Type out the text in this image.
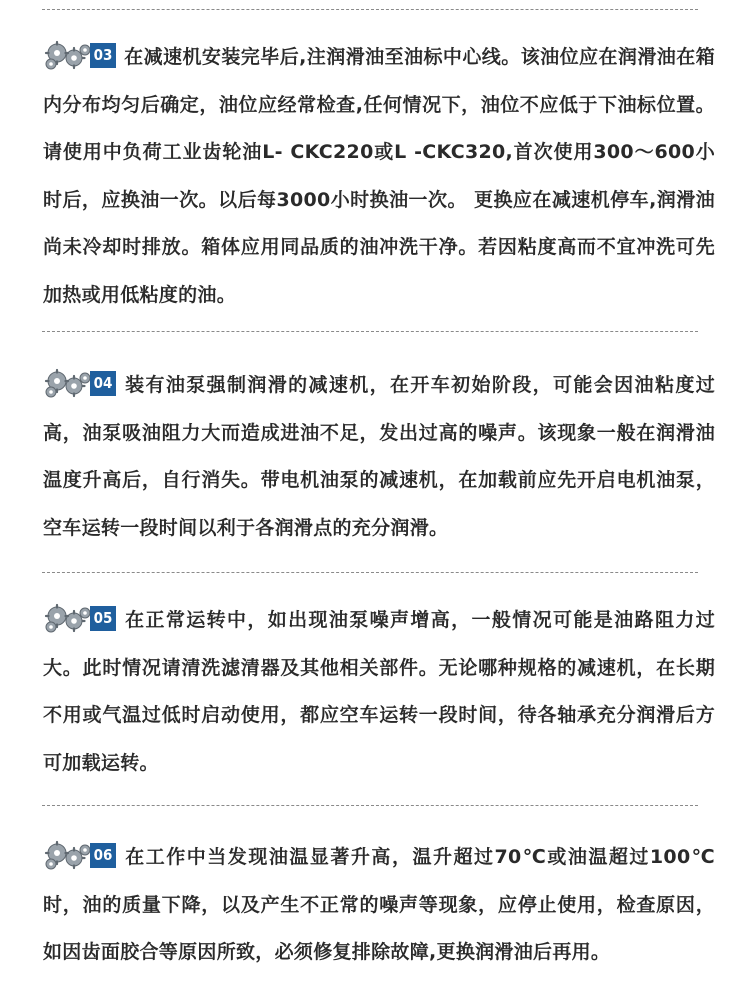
03 在减速机安装完毕后,注润滑油至油标中心线。该油位应在润滑油在箱内分布均匀后确定，油位应经常检查,任何情况下，油位不应低于下油标位置。请使用中负荷工业齿轮油L- CKC220或L -CKC320,首次使用300～600小时后，应换油一次。以后每3000小时换油一次。 更换应在减速机停车,润滑油尚未冷却时排放。箱体应用同品质的油冲洗干净。若因粘度高而不宜冲洗可先加热或用低粘度的油。

04 装有油泵强制润滑的减速机，在开车初始阶段，可能会因油粘度过高，油泵吸油阻力大而造成进油不足，发出过高的噪声。该现象一般在润滑油温度升高后，自行消失。带电机油泵的减速机，在加载前应先开启电机油泵，空车运转一段时间以利于各润滑点的充分润滑。

05 在正常运转中，如出现油泵噪声增高，一般情况可能是油路阻力过大。此时情况请清洗滤清器及其他相关部件。无论哪种规格的减速机，在长期不用或气温过低时启动使用，都应空车运转一段时间，待各轴承充分润滑后方可加载运转。

06 在工作中当发现油温显著升高，温升超过70℃或油温超过100℃时，油的质量下降，以及产生不正常的噪声等现象，应停止使用，检查原因，如因齿面胶合等原因所致，必须修复排除故障,更换润滑油后再用。
